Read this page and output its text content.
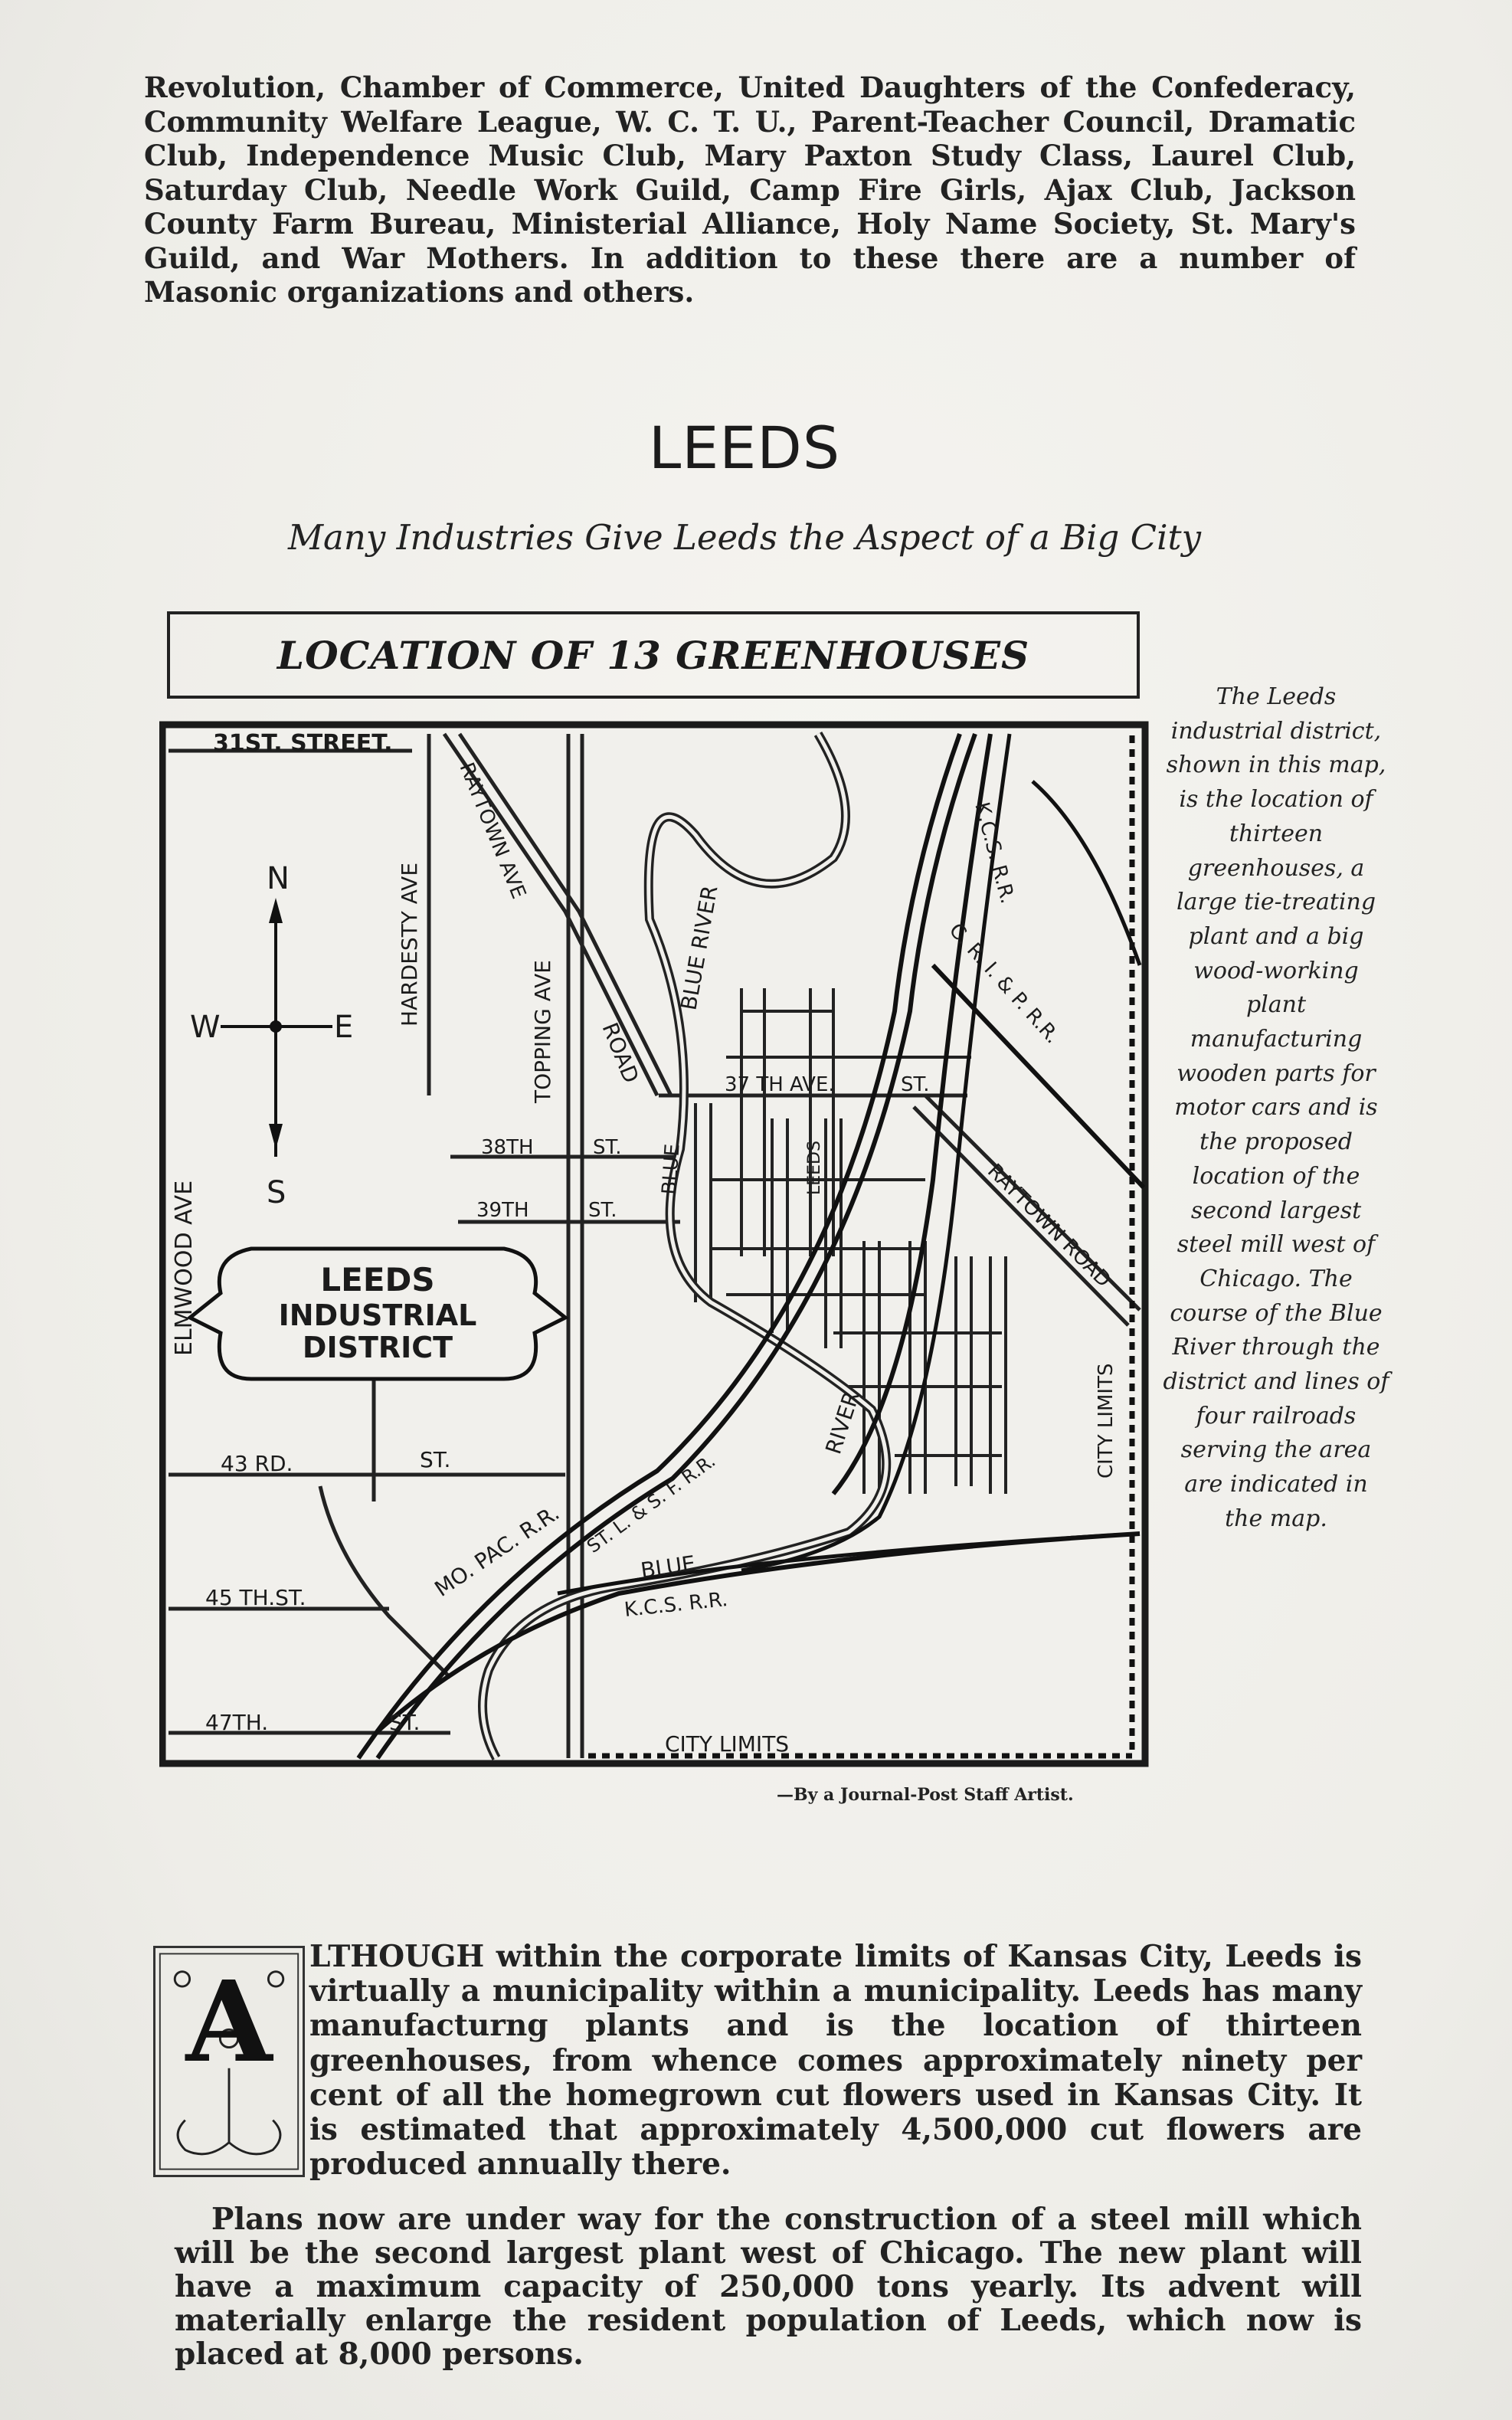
Revolution, Chamber of Commerce, United Daughters of the Confederacy, Community Welfare League, W. C. T. U., Parent-Teacher Council, Dramatic Club, Independence Music Club, Mary Paxton Study Class, Laurel Club, Saturday Club, Needle Work Guild, Camp Fire Girls, Ajax Club, Jackson County Farm Bureau, Ministerial Alliance, Holy Name Society, St. Mary's Guild, and War Mothers. In addition to these there are a number of Masonic organizations and others.

LEEDS
Many Industries Give Leeds the Aspect of a Big City
LOCATION OF 13 GREENHOUSES
N
S
E
W
LEEDS
INDUSTRIAL
DISTRICT
31ST. STREET.
HARDESTY AVE
RAYTOWN AVE
TOPPING AVE ROAD
BLUE RIVER
37 TH AVE.	ST.
38TH	ST.
39TH	ST.
BLUE	LEEDS
ELMWOOD AVE
K.C.S. R.R.
C. R. I. & P. R.R.
RAYTOWN ROAD
CITY LIMITS
43 RD.	ST.
45 TH.ST.
47TH.	ST.
MO. PAC. R.R. ST. L. & S. F. R.R.
RIVER
BLUE
K.C.S. R.R.
CITY LIMITS
The Leeds industrial district, shown in this map, is the location of thirteen greenhouses, a large tie-treating plant and a big wood-working plant manufacturing wooden parts for motor cars and is the proposed location of the second largest steel mill west of Chicago. The course of the Blue River through the district and lines of four railroads serving the area are indicated in the map.
—By a Journal-Post Staff Artist.
A

LTHOUGH within the corporate limits of Kansas City, Leeds is virtually a municipality within a municipality. Leeds has many manufacturng plants and is the location of thirteen greenhouses, from whence comes approximately ninety per cent of all the homegrown cut flowers used in Kansas City. It is estimated that approximately 4,500,000 cut flowers are produced annually there.

Plans now are under way for the construction of a steel mill which will be the second largest plant west of Chicago. The new plant will have a maximum capacity of 250,000 tons yearly. Its advent will materially enlarge the resident population of Leeds, which now is placed at 8,000 persons.
